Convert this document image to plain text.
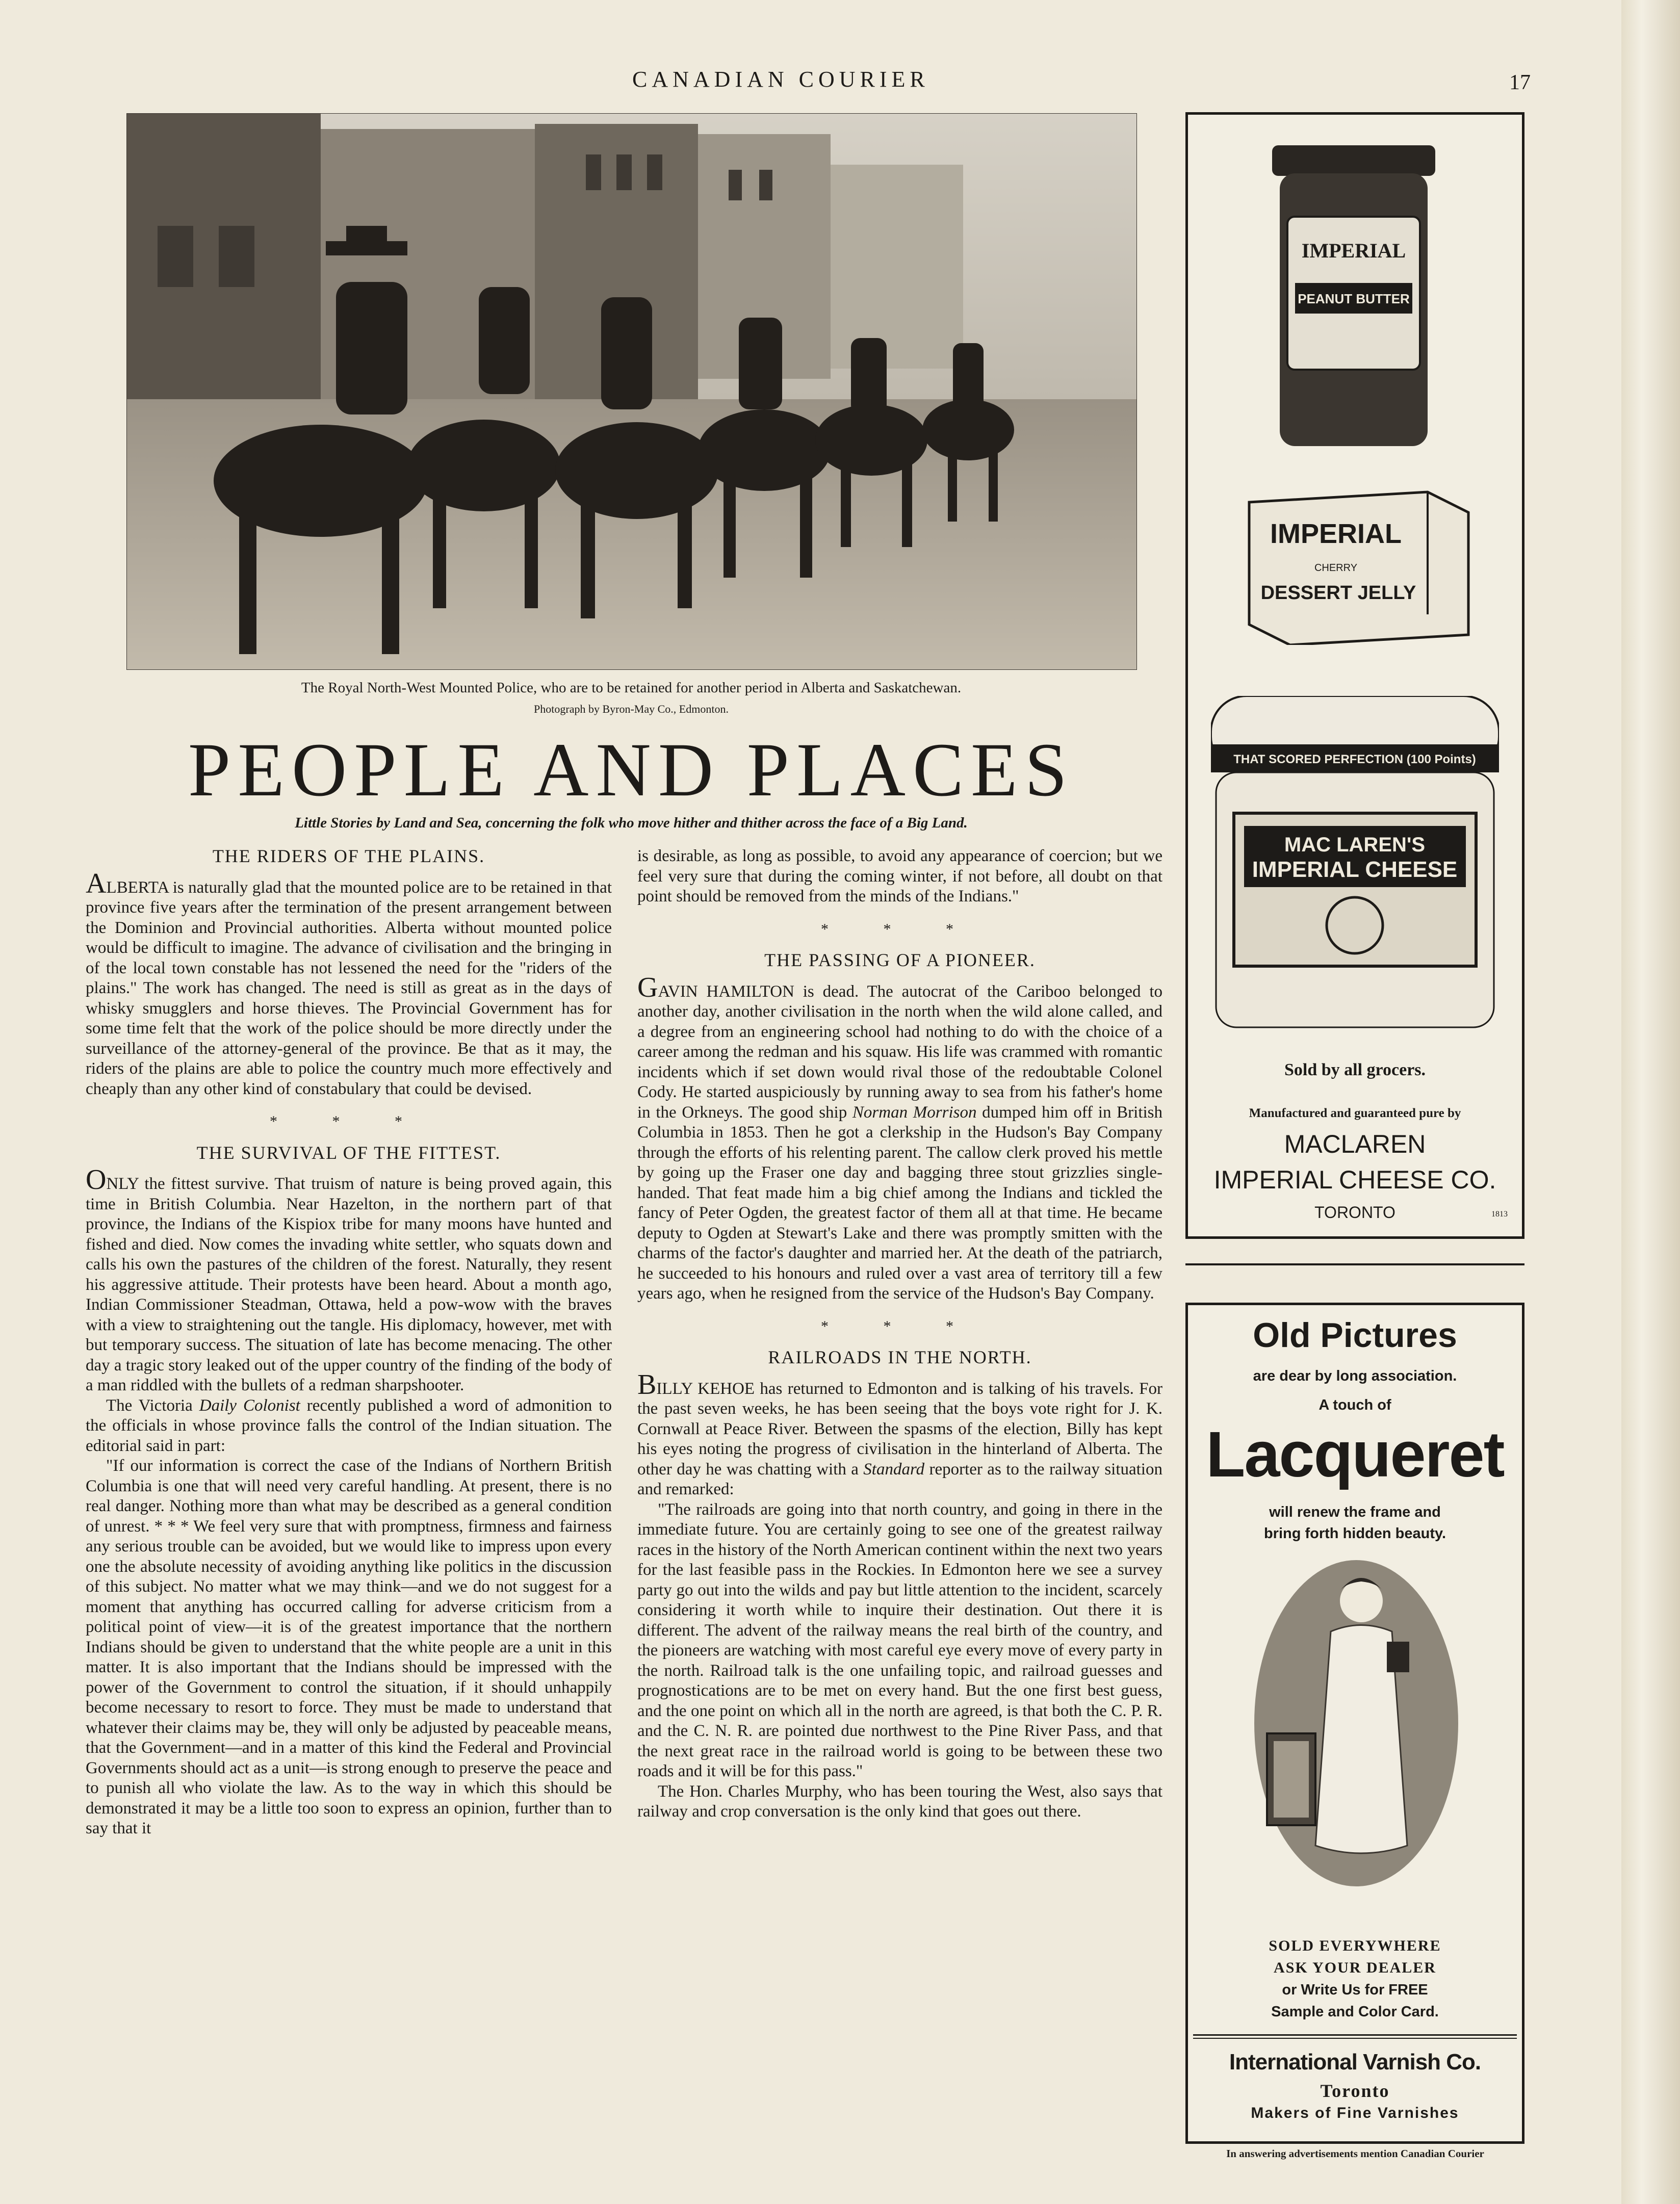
CANADIAN COURIER	17
The Royal North-West Mounted Police, who are to be retained for another period in Alberta and Saskatchewan.
Photograph by Byron-May Co., Edmonton.
PEOPLE AND PLACES
Little Stories by Land and Sea, concerning the folk who move hither and thither across the face of a Big Land.
THE RIDERS OF THE PLAINS.

ALBERTA is naturally glad that the mounted police are to be retained in that province five years after the termination of the present arrangement between the Dominion and Provincial authorities. Alberta without mounted police would be difficult to imagine. The advance of civilisation and the bringing in of the local town constable has not lessened the need for the "riders of the plains." The work has changed. The need is still as great as in the days of whisky smugglers and horse thieves. The Provincial Government has for some time felt that the work of the police should be more directly under the surveillance of the attorney-general of the province. Be that as it may, the riders of the plains are able to police the country much more effectively and cheaply than any other kind of constabulary that could be devised.

* * *
THE SURVIVAL OF THE FITTEST.

ONLY the fittest survive. That truism of nature is being proved again, this time in British Columbia. Near Hazelton, in the northern part of that province, the Indians of the Kispiox tribe for many moons have hunted and fished and died. Now comes the invading white settler, who squats down and calls his own the pastures of the children of the forest. Naturally, they resent his aggressive attitude. Their protests have been heard. About a month ago, Indian Commissioner Steadman, Ottawa, held a pow-wow with the braves with a view to straightening out the tangle. His diplomacy, however, met with but temporary success. The situation of late has become menacing. The other day a tragic story leaked out of the upper country of the finding of the body of a man riddled with the bullets of a redman sharpshooter.

The Victoria Daily Colonist recently published a word of admonition to the officials in whose province falls the control of the Indian situation. The editorial said in part:

"If our information is correct the case of the Indians of Northern British Columbia is one that will need very careful handling. At present, there is no real danger. Nothing more than what may be described as a general condition of unrest. * * * We feel very sure that with promptness, firmness and fairness any serious trouble can be avoided, but we would like to impress upon every one the absolute necessity of avoiding anything like politics in the discussion of this subject. No matter what we may think—and we do not suggest for a moment that anything has occurred calling for adverse criticism from a political point of view—it is of the greatest importance that the northern Indians should be given to understand that the white people are a unit in this matter. It is also important that the Indians should be impressed with the power of the Government to control the situation, if it should unhappily become necessary to resort to force. They must be made to understand that whatever their claims may be, they will only be adjusted by peaceable means, that the Government—and in a matter of this kind the Federal and Provincial Governments should act as a unit—is strong enough to preserve the peace and to punish all who violate the law. As to the way in which this should be demonstrated it may be a little too soon to express an opinion, further than to say that it

is desirable, as long as possible, to avoid any appearance of coercion; but we feel very sure that during the coming winter, if not before, all doubt on that point should be removed from the minds of the Indians."

* * *
THE PASSING OF A PIONEER.

GAVIN HAMILTON is dead. The autocrat of the Cariboo belonged to another day, another civilisation in the north when the wild alone called, and a degree from an engineering school had nothing to do with the choice of a career among the redman and his squaw. His life was crammed with romantic incidents which if set down would rival those of the redoubtable Colonel Cody. He started auspiciously by running away to sea from his father's home in the Orkneys. The good ship Norman Morrison dumped him off in British Columbia in 1853. Then he got a clerkship in the Hudson's Bay Company through the efforts of his relenting parent. The callow clerk proved his mettle by going up the Fraser one day and bagging three stout grizzlies single-handed. That feat made him a big chief among the Indians and tickled the fancy of Peter Ogden, the greatest factor of them all at that time. He became deputy to Ogden at Stewart's Lake and there was promptly smitten with the charms of the factor's daughter and married her. At the death of the patriarch, he succeeded to his honours and ruled over a vast area of territory till a few years ago, when he resigned from the service of the Hudson's Bay Company.

* * *
RAILROADS IN THE NORTH.

BILLY KEHOE has returned to Edmonton and is talking of his travels. For the past seven weeks, he has been seeing that the boys vote right for J. K. Cornwall at Peace River. Between the spasms of the election, Billy has kept his eyes noting the progress of civilisation in the hinterland of Alberta. The other day he was chatting with a Standard reporter as to the railway situation and remarked:

"The railroads are going into that north country, and going in there in the immediate future. You are certainly going to see one of the greatest railway races in the history of the North American continent within the next two years for the last feasible pass in the Rockies. In Edmonton here we see a survey party go out into the wilds and pay but little attention to the incident, scarcely considering it worth while to inquire their destination. Out there it is different. The advent of the railway means the real birth of the country, and the pioneers are watching with most careful eye every move of every party in the north. Railroad talk is the one unfailing topic, and railroad guesses and prognostications are to be met on every hand. But the one first best guess, and the one point on which all in the north are agreed, is that both the C. P. R. and the C. N. R. are pointed due northwest to the Pine River Pass, and that the next great race in the railroad world is going to be between these two roads and it will be for this pass."

The Hon. Charles Murphy, who has been touring the West, also says that railway and crop conversation is the only kind that goes out there.

IMPERIAL
PEANUT BUTTER
IMPERIAL
CHERRY
DESSERT JELLY
THAT SCORED PERFECTION (100 Points)
MAC LAREN'S
IMPERIAL CHEESE
Sold by all grocers.
Manufactured and guaranteed pure by
MACLAREN
IMPERIAL CHEESE CO.
TORONTO	1813
Old Pictures
are dear by long association.
A touch of
Lacqueret
will renew the frame and
bring forth hidden beauty.
SOLD EVERYWHERE
ASK YOUR DEALER
or Write Us for FREE
Sample and Color Card.
International Varnish Co.
Toronto
Makers of Fine Varnishes
In answering advertisements mention Canadian Courier
